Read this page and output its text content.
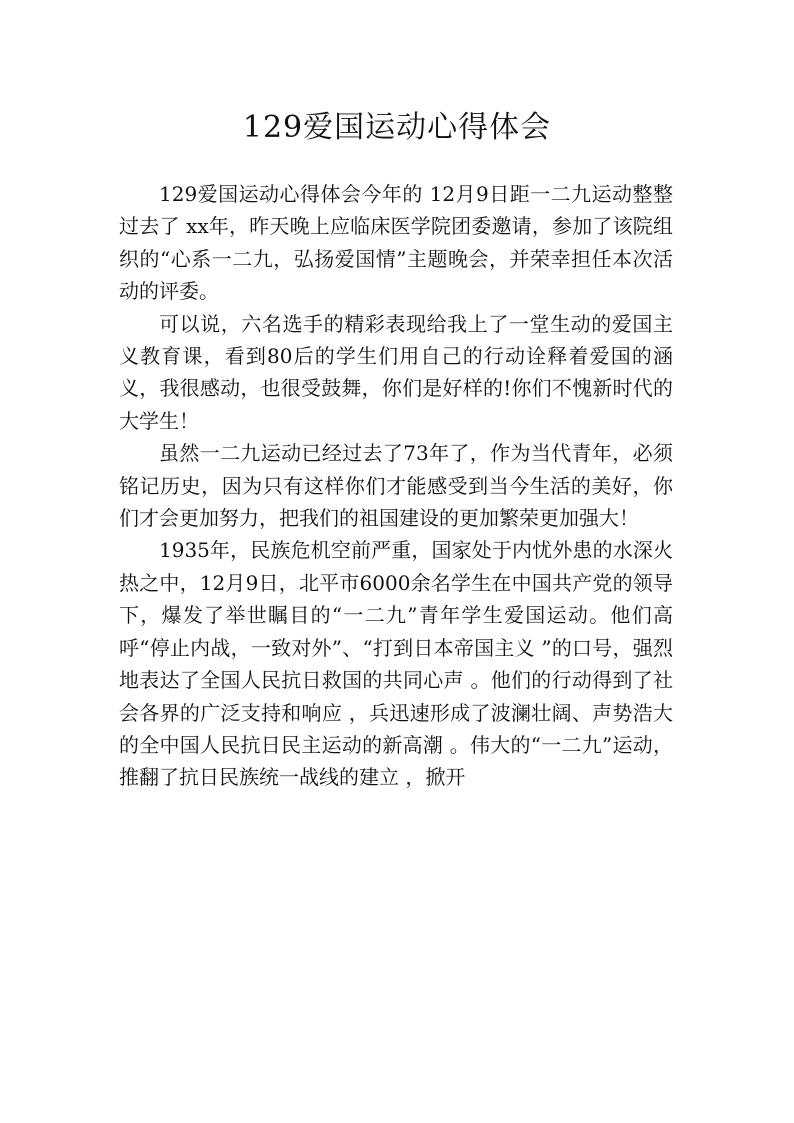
129爱国运动心得体会

129爱国运动心得体会今年的 12月9日距一二九运动整整过去了 xx年，昨天晚上应临床医学院团委邀请，参加了该院组织的“心系一二九，弘扬爱国情”主题晚会，并荣幸担任本次活动的评委。

可以说，六名选手的精彩表现给我上了一堂生动的爱国主义教育课，看到80后的学生们用自己的行动诠释着爱国的涵义，我很感动，也很受鼓舞，你们是好样的!你们不愧新时代的大学生！

虽然一二九运动已经过去了73年了，作为当代青年，必须铭记历史，因为只有这样你们才能感受到当今生活的美好，你们才会更加努力，把我们的祖国建设的更加繁荣更加强大！

1935年，民族危机空前严重，国家处于内忧外患的水深火热之中，12月9日，北平市6000余名学生在中国共产党的领导下，爆发了举世瞩目的“一二九”青年学生爱国运动。他们高呼“停止内战，一致对外”、“打到日本帝国主义 ”的口号，强烈地表达了全国人民抗日救国的共同心声 。他们的行动得到了社会各界的广泛支持和响应 ，兵迅速形成了波澜壮阔、声势浩大的全中国人民抗日民主运动的新高潮 。伟大的“一二九”运动，推翻了抗日民族统一战线的建立 ，掀开
